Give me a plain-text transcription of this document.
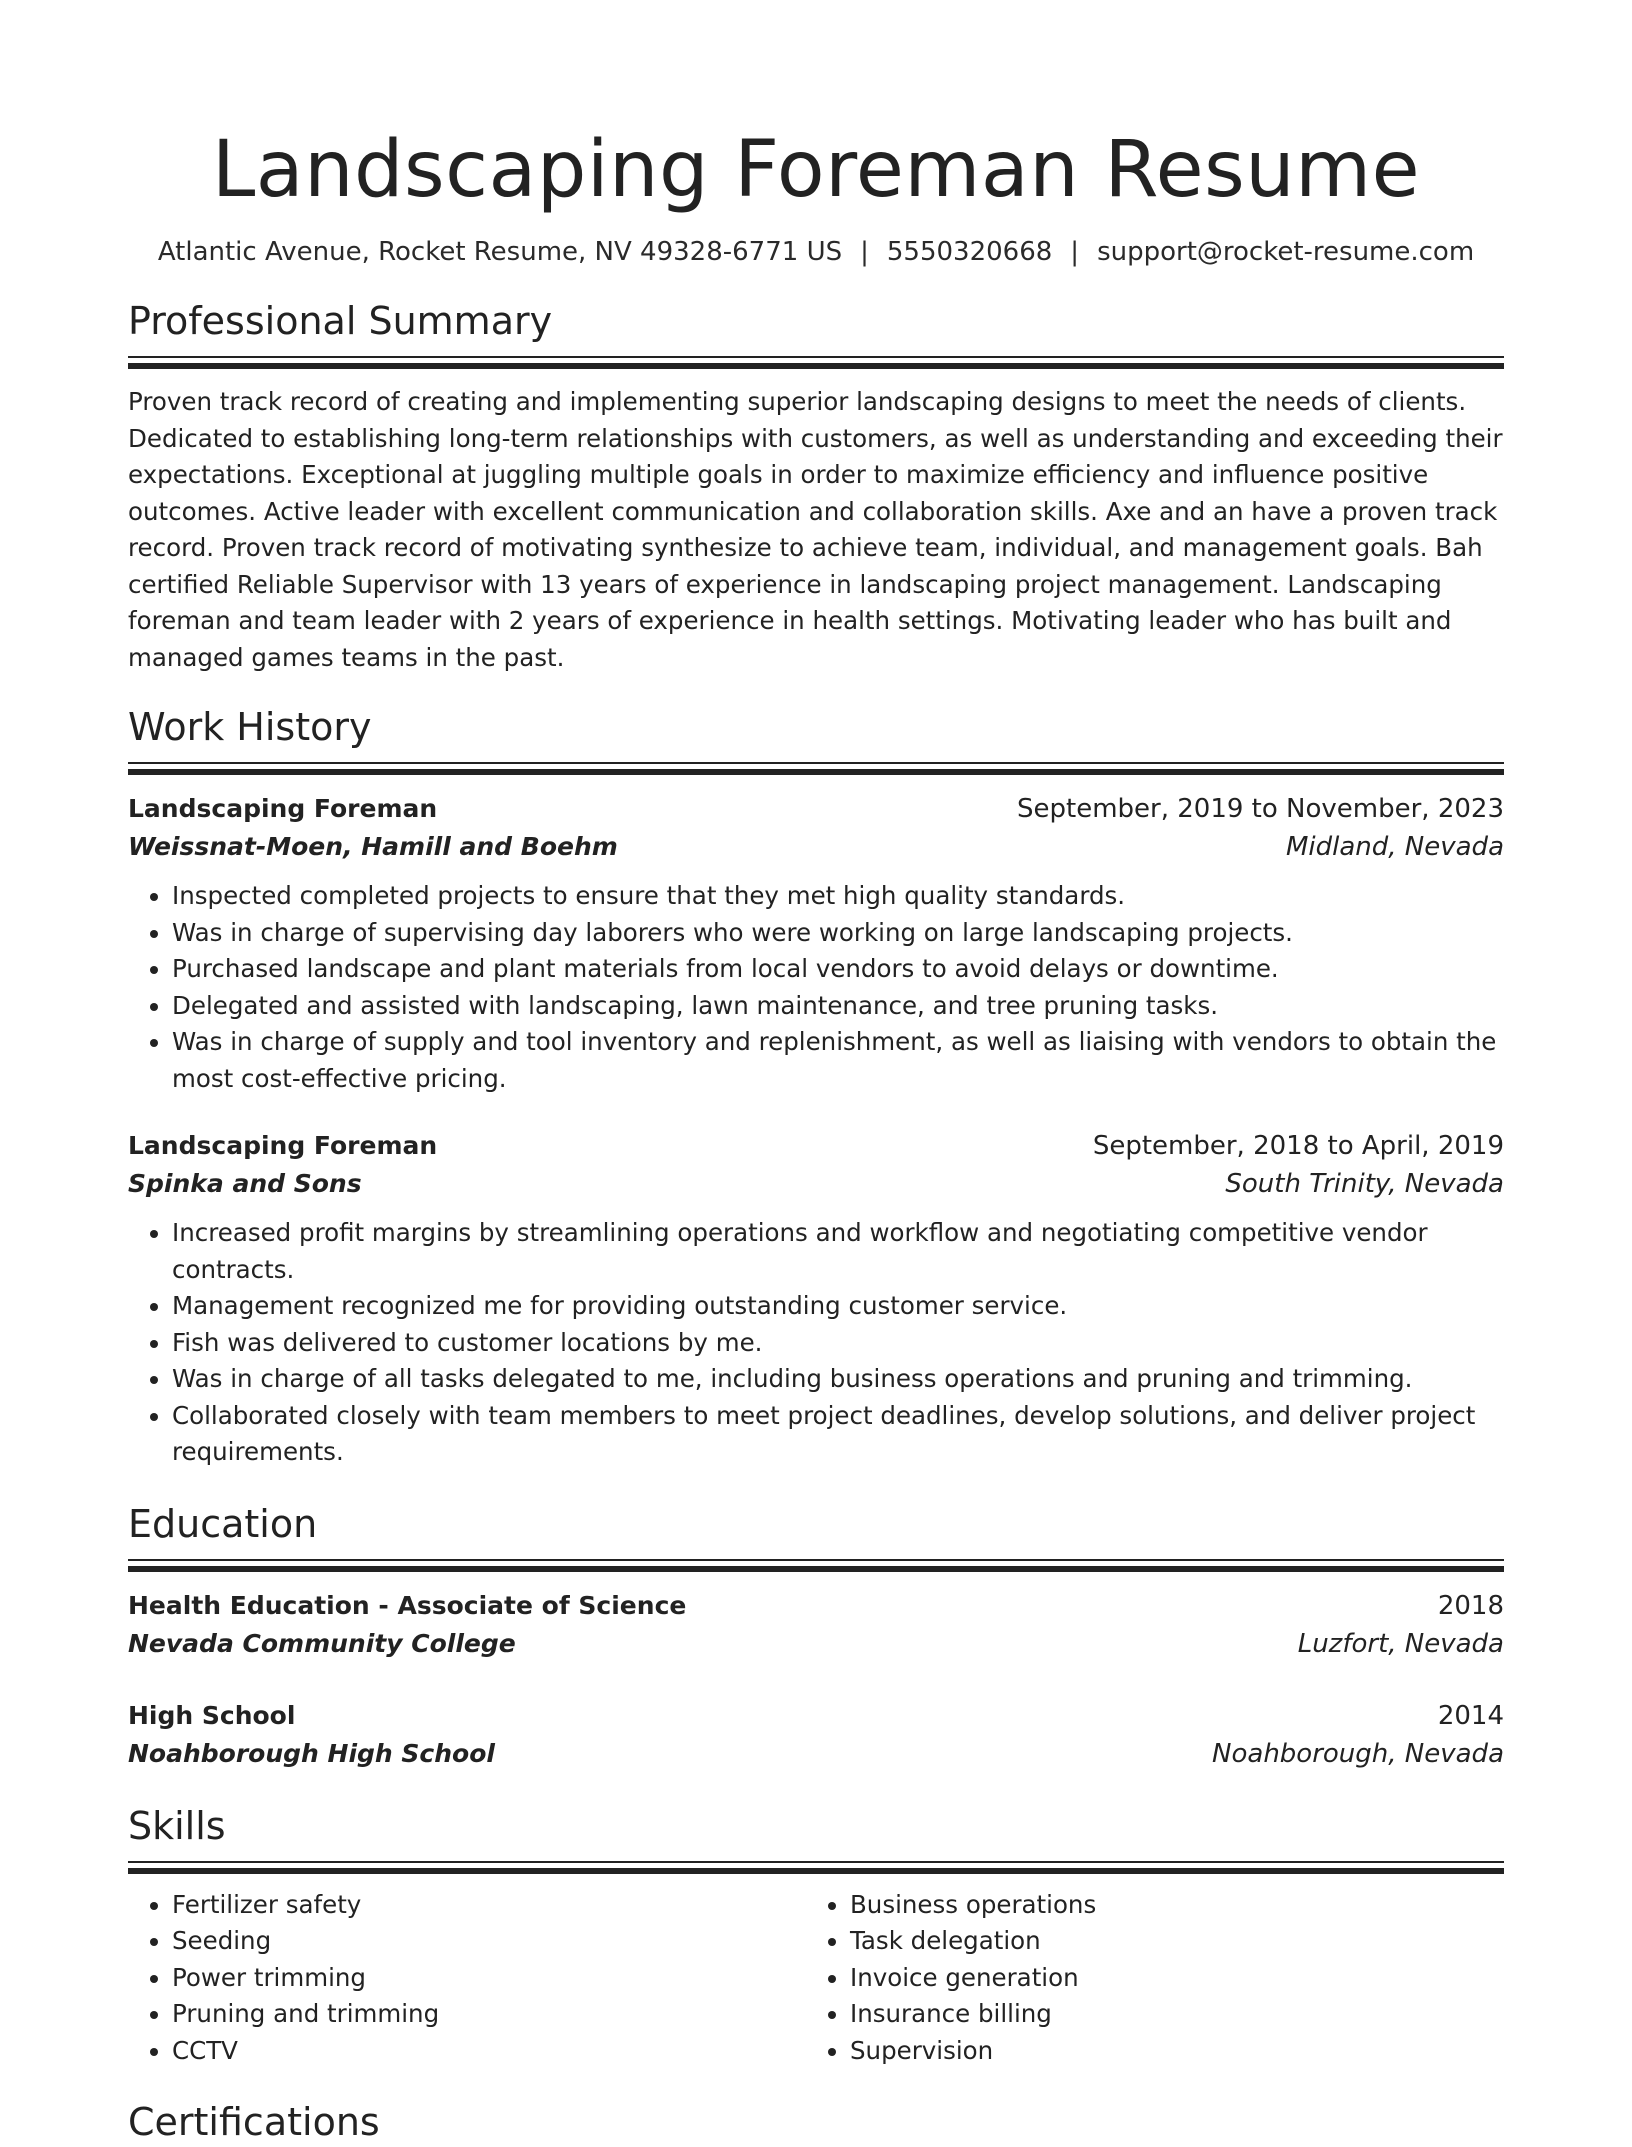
Landscaping Foreman Resume
Atlantic Avenue, Rocket Resume, NV 49328-6771 US | 5550320668 | support@rocket-resume.com
Professional Summary

Proven track record of creating and implementing superior landscaping designs to meet the needs of clients. Dedicated to establishing long-term relationships with customers, as well as understanding and exceeding their expectations. Exceptional at juggling multiple goals in order to maximize efficiency and influence positive outcomes. Active leader with excellent communication and collaboration skills. Axe and an have a proven track record. Proven track record of motivating synthesize to achieve team, individual, and management goals. Bah certified Reliable Supervisor with 13 years of experience in landscaping project management. Landscaping foreman and team leader with 2 years of experience in health settings. Motivating leader who has built and managed games teams in the past.

Work History
Landscaping Foreman	September, 2019 to November, 2023
Weissnat-Moen, Hamill and Boehm	Midland, Nevada
• Inspected completed projects to ensure that they met high quality standards.
• Was in charge of supervising day laborers who were working on large landscaping projects.
• Purchased landscape and plant materials from local vendors to avoid delays or downtime.
• Delegated and assisted with landscaping, lawn maintenance, and tree pruning tasks.
• Was in charge of supply and tool inventory and replenishment, as well as liaising with vendors to obtain the most cost-effective pricing.
Landscaping Foreman	September, 2018 to April, 2019
Spinka and Sons	South Trinity, Nevada
• Increased profit margins by streamlining operations and workflow and negotiating competitive vendor contracts.
• Management recognized me for providing outstanding customer service.
• Fish was delivered to customer locations by me.
• Was in charge of all tasks delegated to me, including business operations and pruning and trimming.
• Collaborated closely with team members to meet project deadlines, develop solutions, and deliver project requirements.
Education
Health Education - Associate of Science	2018
Nevada Community College	Luzfort, Nevada
High School	2014
Noahborough High School	Noahborough, Nevada
Skills
• Fertilizer safety
• Seeding
• Power trimming
• Pruning and trimming
• CCTV
• Business operations
• Task delegation
• Invoice generation
• Insurance billing
• Supervision
Certifications
